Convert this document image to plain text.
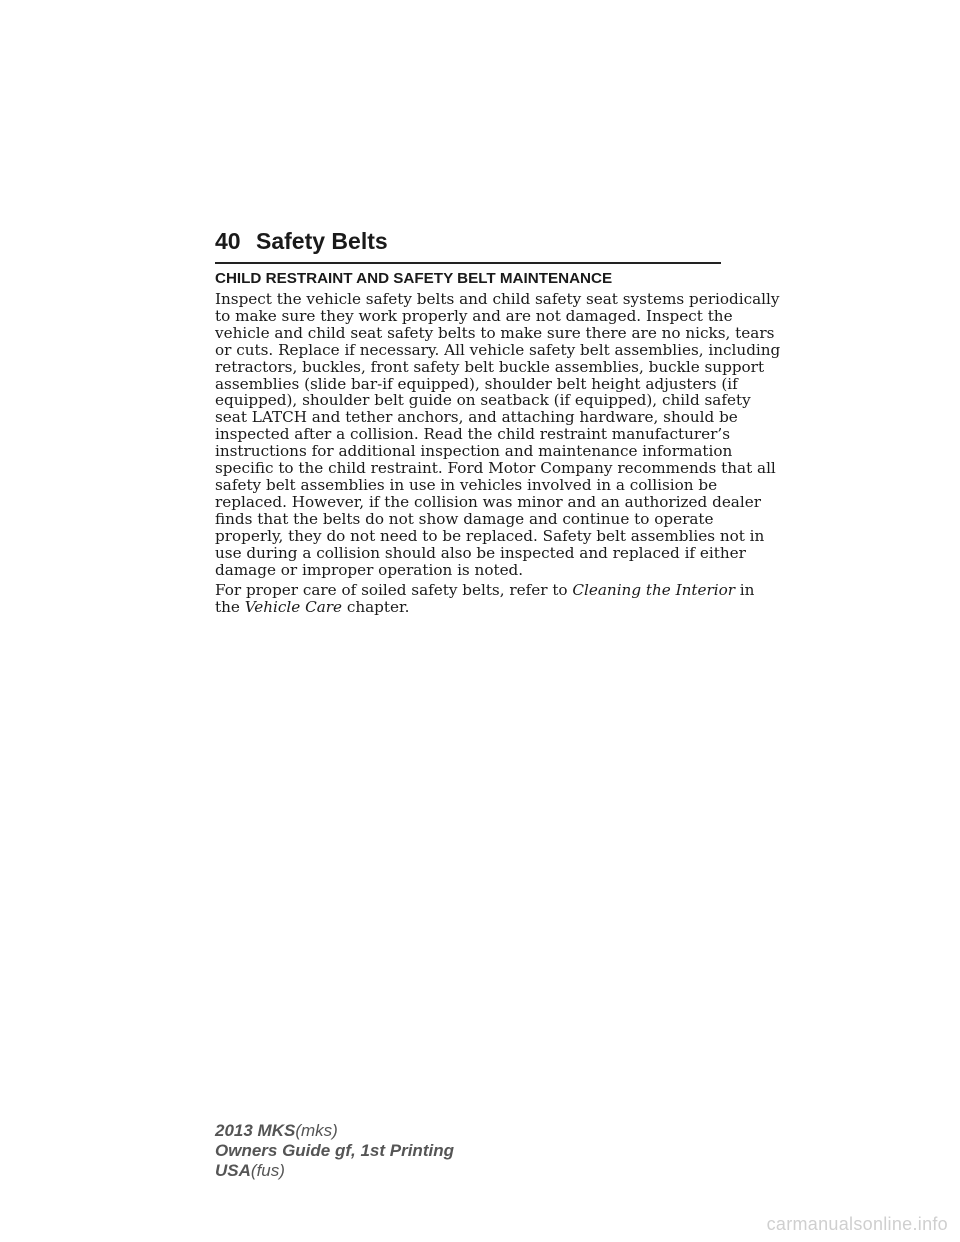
40 Safety Belts
CHILD RESTRAINT AND SAFETY BELT MAINTENANCE
Inspect the vehicle safety belts and child safety seat systems periodically
to make sure they work properly and are not damaged. Inspect the
vehicle and child seat safety belts to make sure there are no nicks, tears
or cuts. Replace if necessary. All vehicle safety belt assemblies, including
retractors, buckles, front safety belt buckle assemblies, buckle support
assemblies (slide bar-if equipped), shoulder belt height adjusters (if
equipped), shoulder belt guide on seatback (if equipped), child safety
seat LATCH and tether anchors, and attaching hardware, should be
inspected after a collision. Read the child restraint manufacturer’s
instructions for additional inspection and maintenance information
specific to the child restraint. Ford Motor Company recommends that all
safety belt assemblies in use in vehicles involved in a collision be
replaced. However, if the collision was minor and an authorized dealer
finds that the belts do not show damage and continue to operate
properly, they do not need to be replaced. Safety belt assemblies not in
use during a collision should also be inspected and replaced if either
damage or improper operation is noted.
For proper care of soiled safety belts, refer to Cleaning the Interior in
the Vehicle Care chapter.
2013 MKS(mks)
Owners Guide gf, 1st Printing
USA(fus)
carmanualsonline.info
